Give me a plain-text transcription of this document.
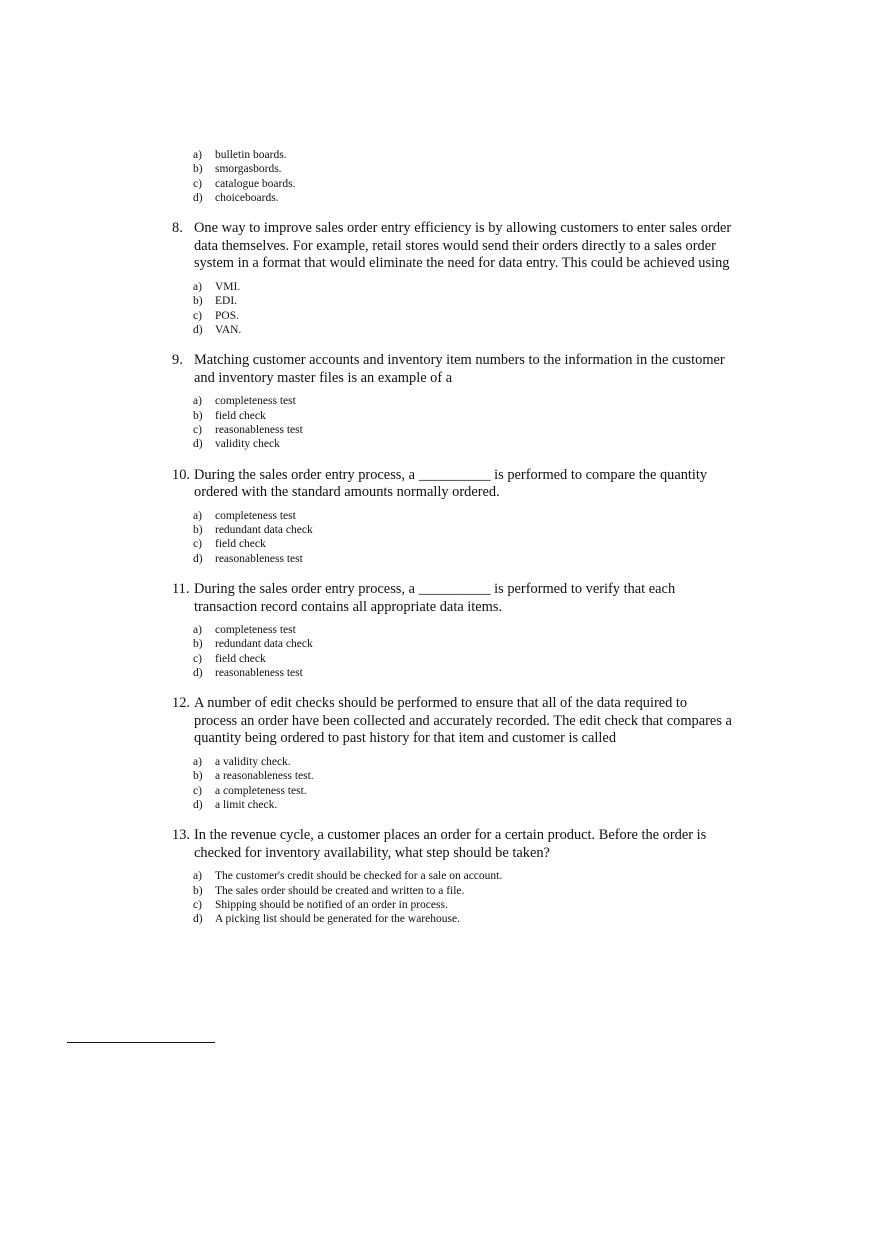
a)	bulletin boards.
b)	smorgasbords.
c)	catalogue boards.
d)	choiceboards.
8. One way to improve sales order entry efficiency is by allowing customers to enter sales order data themselves. For example, retail stores would send their orders directly to a sales order system in a format that would eliminate the need for data entry. This could be achieved using
a)	VMI.
b)	EDI.
c)	POS.
d)	VAN.
9. Matching customer accounts and inventory item numbers to the information in the customer and inventory master files is an example of a
a)	completeness test
b)	field check
c)	reasonableness test
d)	validity check
10. During the sales order entry process, a __________ is performed to compare the quantity ordered with the standard amounts normally ordered.
a)	completeness test
b)	redundant data check
c)	field check
d)	reasonableness test
11. During the sales order entry process, a __________ is performed to verify that each transaction record contains all appropriate data items.
a)	completeness test
b)	redundant data check
c)	field check
d)	reasonableness test
12. A number of edit checks should be performed to ensure that all of the data required to process an order have been collected and accurately recorded. The edit check that compares a quantity being ordered to past history for that item and customer is called
a)	a validity check.
b)	a reasonableness test.
c)	a completeness test.
d)	a limit check.
13. In the revenue cycle, a customer places an order for a certain product. Before the order is checked for inventory availability, what step should be taken?
a)	The customer's credit should be checked for a sale on account.
b)	The sales order should be created and written to a file.
c)	Shipping should be notified of an order in process.
d)	A picking list should be generated for the warehouse.
